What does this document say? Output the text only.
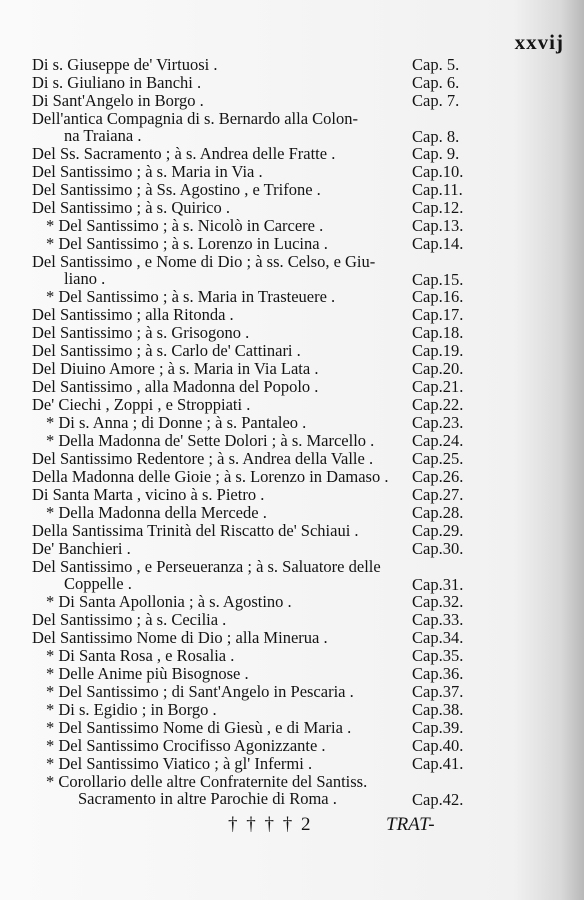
xxvij
Di s. Giuseppe de' Virtuosi .	Cap. 5.
Di s. Giuliano in Banchi .	Cap. 6.
Di Sant'Angelo in Borgo .	Cap. 7.
Dell'antica Compagnia di s. Bernardo alla Colon-
na Traiana .	Cap. 8.
Del Ss. Sacramento ; à s. Andrea delle Fratte .	Cap. 9.
Del Santissimo ; à s. Maria in Via .	Cap.10.
Del Santissimo ; à Ss. Agostino , e Trifone .	Cap.11.
Del Santissimo ; à s. Quirico .	Cap.12.
* Del Santissimo ; à s. Nicolò in Carcere .	Cap.13.
* Del Santissimo ; à s. Lorenzo in Lucina .	Cap.14.
Del Santissimo , e Nome di Dio ; à ss. Celso, e Giu-
liano .	Cap.15.
* Del Santissimo ; à s. Maria in Trasteuere .	Cap.16.
Del Santissimo ; alla Ritonda .	Cap.17.
Del Santissimo ; à s. Grisogono .	Cap.18.
Del Santissimo ; à s. Carlo de' Cattinari .	Cap.19.
Del Diuino Amore ; à s. Maria in Via Lata .	Cap.20.
Del Santissimo , alla Madonna del Popolo .	Cap.21.
De' Ciechi , Zoppi , e Stroppiati .	Cap.22.
* Di s. Anna ; di Donne ; à s. Pantaleo .	Cap.23.
* Della Madonna de' Sette Dolori ; à s. Marcello .	Cap.24.
Del Santissimo Redentore ; à s. Andrea della Valle .	Cap.25.
Della Madonna delle Gioie ; à s. Lorenzo in Damaso .	Cap.26.
Di Santa Marta , vicino à s. Pietro .	Cap.27.
* Della Madonna della Mercede .	Cap.28.
Della Santissima Trinità del Riscatto de' Schiaui .	Cap.29.
De' Banchieri .	Cap.30.
Del Santissimo , e Perseueranza ; à s. Saluatore delle
Coppelle .	Cap.31.
* Di Santa Apollonia ; à s. Agostino .	Cap.32.
Del Santissimo ; à s. Cecilia .	Cap.33.
Del Santissimo Nome di Dio ; alla Minerua .	Cap.34.
* Di Santa Rosa , e Rosalia .	Cap.35.
* Delle Anime più Bisognose .	Cap.36.
* Del Santissimo ; di Sant'Angelo in Pescaria .	Cap.37.
* Di s. Egidio ; in Borgo .	Cap.38.
* Del Santissimo Nome di Giesù , e di Maria .	Cap.39.
* Del Santissimo Crocifisso Agonizzante .	Cap.40.
* Del Santissimo Viatico ; à gl' Infermi .	Cap.41.
* Corollario delle altre Confraternite del Santiss.
Sacramento in altre Parochie di Roma .	Cap.42.
† † † † 2	TRAT-
